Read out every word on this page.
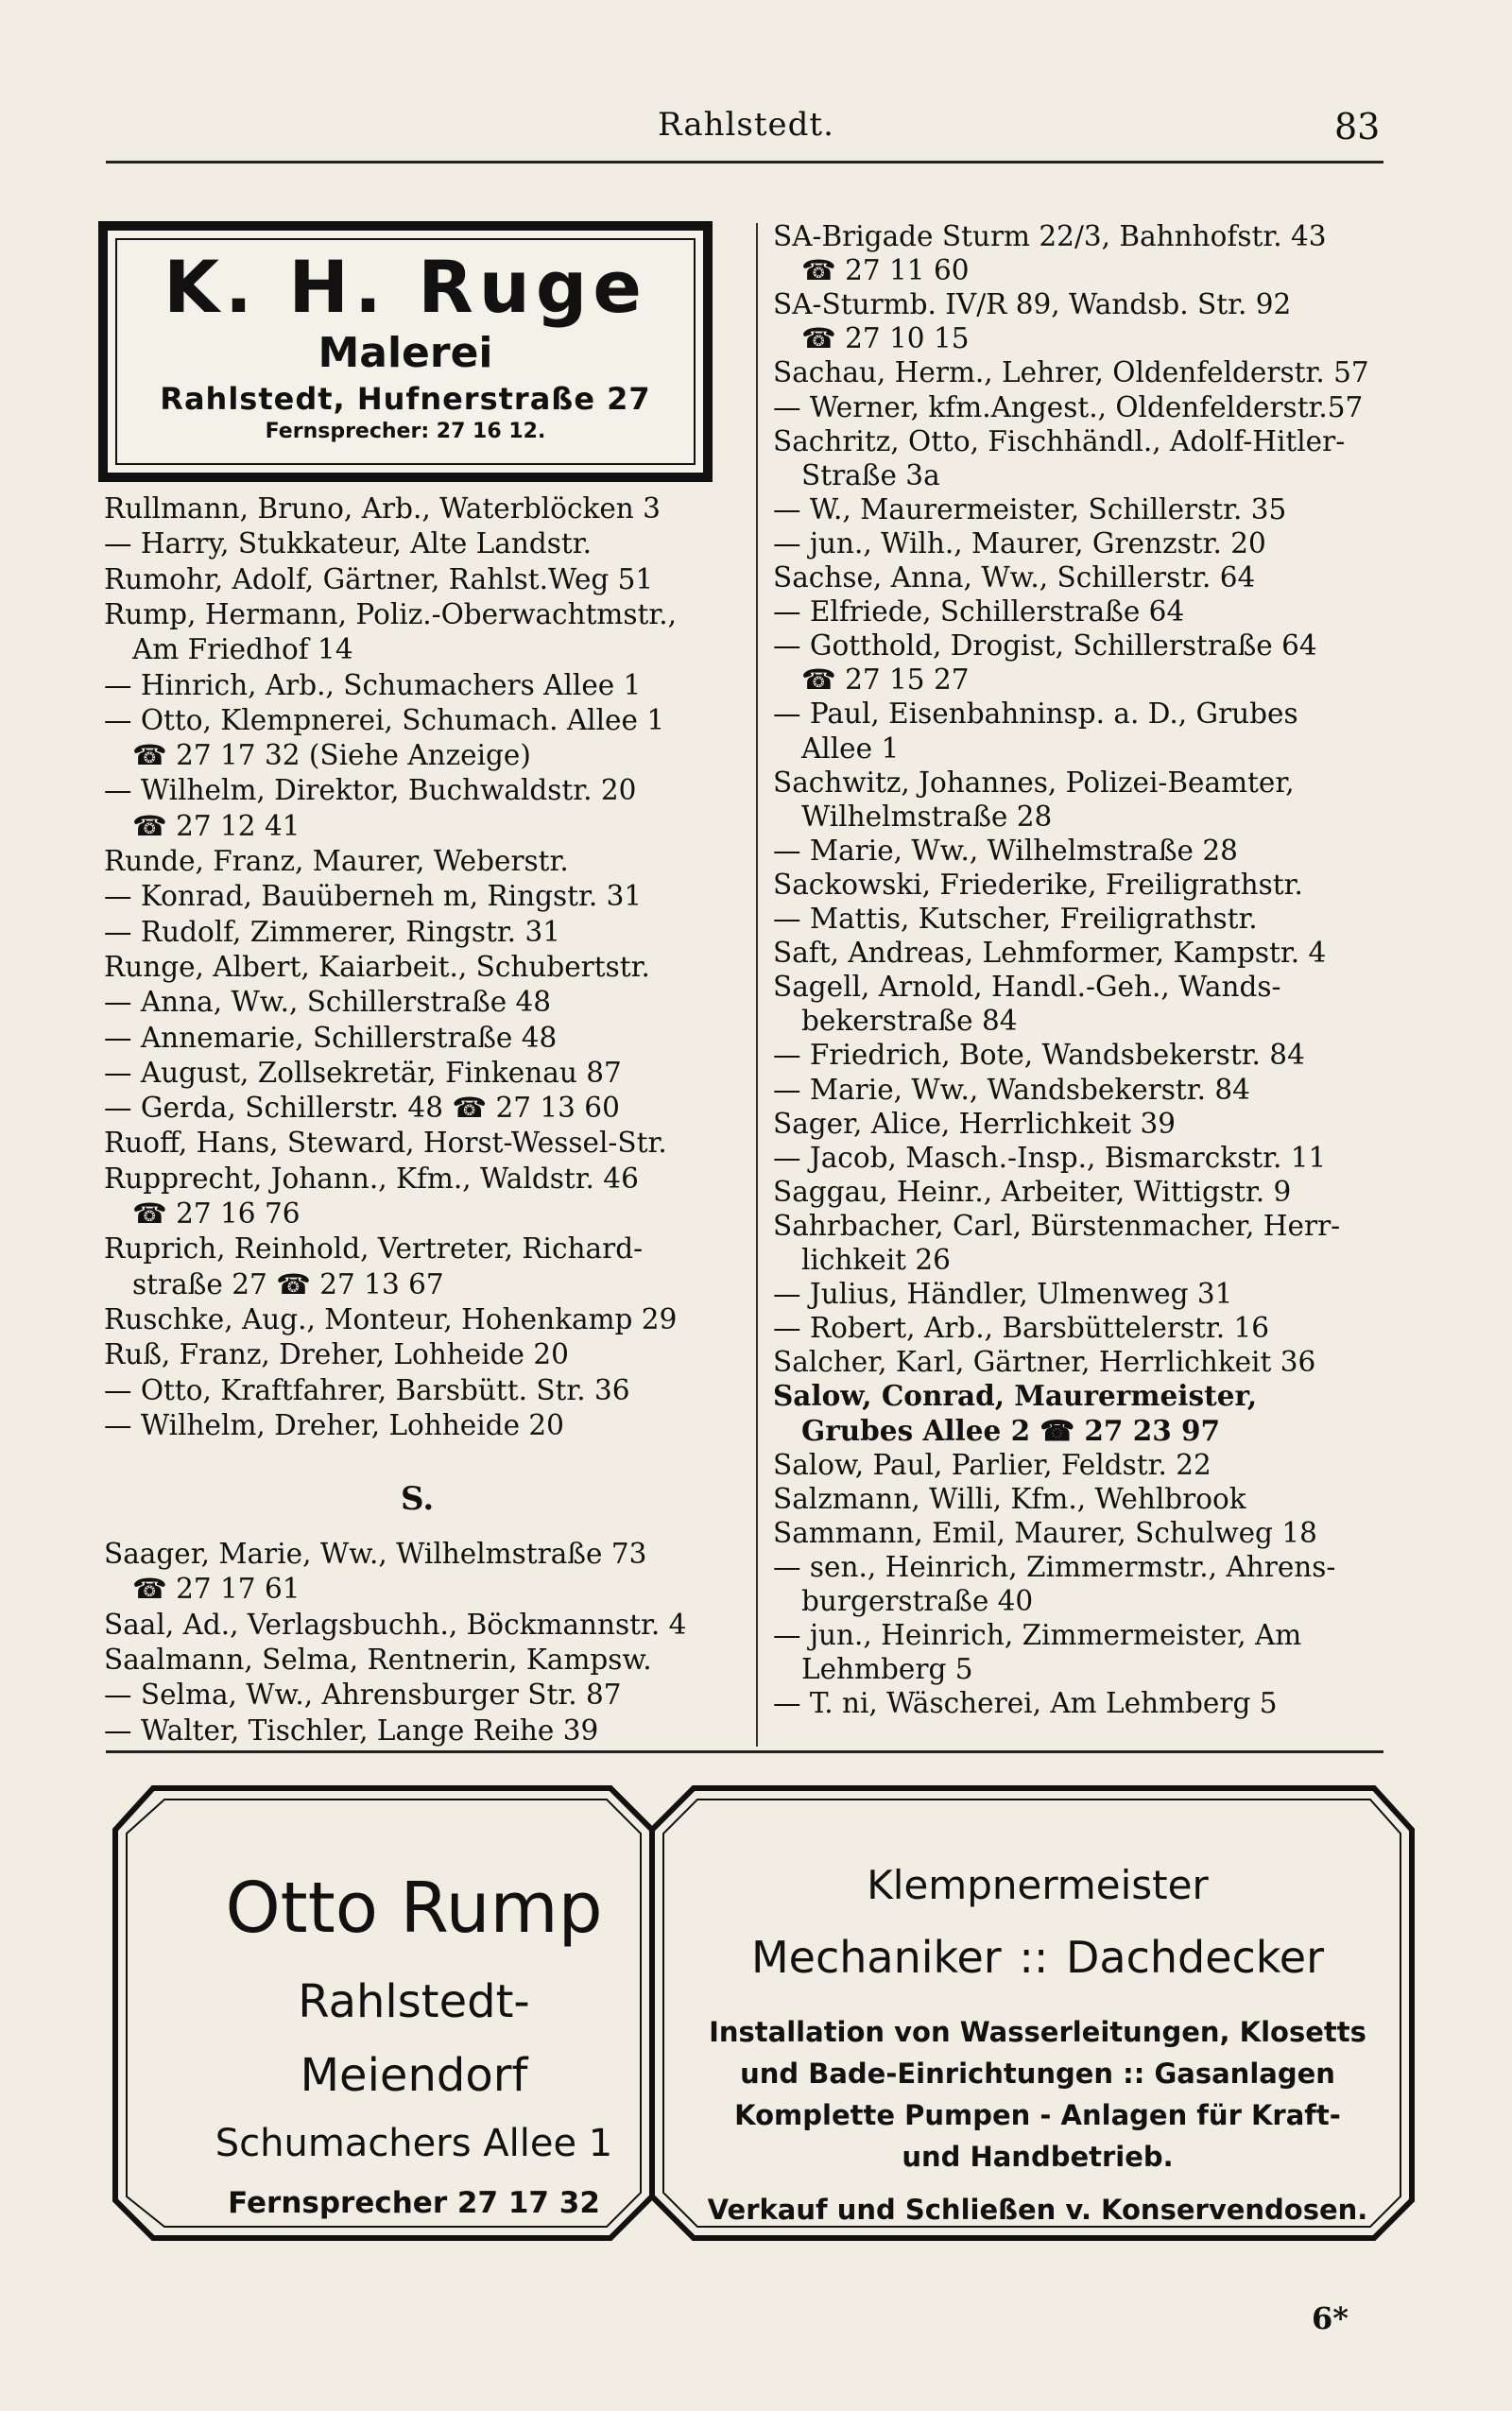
Rahlstedt.	83
K. H. Ruge
Malerei
Rahlstedt, Hufnerstraße 27
Fernsprecher: 27 16 12.
Rullmann, Bruno, Arb., Waterblöcken 3
— Harry, Stukkateur, Alte Landstr.
Rumohr, Adolf, Gärtner, Rahlst.Weg 51
Rump, Hermann, Poliz.-Oberwachtmstr.,
Am Friedhof 14
— Hinrich, Arb., Schumachers Allee 1
— Otto, Klempnerei, Schumach. Allee 1
☎ 27 17 32 (Siehe Anzeige)
— Wilhelm, Direktor, Buchwaldstr. 20
☎ 27 12 41
Runde, Franz, Maurer, Weberstr.
— Konrad, Bauüberneh m, Ringstr. 31
— Rudolf, Zimmerer, Ringstr. 31
Runge, Albert, Kaiarbeit., Schubertstr.
— Anna, Ww., Schillerstraße 48
— Annemarie, Schillerstraße 48
— August, Zollsekretär, Finkenau 87
— Gerda, Schillerstr. 48 ☎ 27 13 60
Ruoff, Hans, Steward, Horst-Wessel-Str.
Rupprecht, Johann., Kfm., Waldstr. 46
☎ 27 16 76
Ruprich, Reinhold, Vertreter, Richard-
straße 27 ☎ 27 13 67
Ruschke, Aug., Monteur, Hohenkamp 29
Ruß, Franz, Dreher, Lohheide 20
— Otto, Kraftfahrer, Barsbütt. Str. 36
— Wilhelm, Dreher, Lohheide 20
S.
Saager, Marie, Ww., Wilhelmstraße 73
☎ 27 17 61
Saal, Ad., Verlagsbuchh., Böckmannstr. 4
Saalmann, Selma, Rentnerin, Kampsw.
— Selma, Ww., Ahrensburger Str. 87
— Walter, Tischler, Lange Reihe 39
SA-Brigade Sturm 22/3, Bahnhofstr. 43
☎ 27 11 60
SA-Sturmb. IV/R 89, Wandsb. Str. 92
☎ 27 10 15
Sachau, Herm., Lehrer, Oldenfelderstr. 57
— Werner, kfm.Angest., Oldenfelderstr.57
Sachritz, Otto, Fischhändl., Adolf-Hitler-
Straße 3a
— W., Maurermeister, Schillerstr. 35
— jun., Wilh., Maurer, Grenzstr. 20
Sachse, Anna, Ww., Schillerstr. 64
— Elfriede, Schillerstraße 64
— Gotthold, Drogist, Schillerstraße 64
☎ 27 15 27
— Paul, Eisenbahninsp. a. D., Grubes
Allee 1
Sachwitz, Johannes, Polizei-Beamter,
Wilhelmstraße 28
— Marie, Ww., Wilhelmstraße 28
Sackowski, Friederike, Freiligrathstr.
— Mattis, Kutscher, Freiligrathstr.
Saft, Andreas, Lehmformer, Kampstr. 4
Sagell, Arnold, Handl.-Geh., Wands-
bekerstraße 84
— Friedrich, Bote, Wandsbekerstr. 84
— Marie, Ww., Wandsbekerstr. 84
Sager, Alice, Herrlichkeit 39
— Jacob, Masch.-Insp., Bismarckstr. 11
Saggau, Heinr., Arbeiter, Wittigstr. 9
Sahrbacher, Carl, Bürstenmacher, Herr-
lichkeit 26
— Julius, Händler, Ulmenweg 31
— Robert, Arb., Barsbüttelerstr. 16
Salcher, Karl, Gärtner, Herrlichkeit 36
Salow, Conrad, Maurermeister,
Grubes Allee 2 ☎ 27 23 97
Salow, Paul, Parlier, Feldstr. 22
Salzmann, Willi, Kfm., Wehlbrook
Sammann, Emil, Maurer, Schulweg 18
— sen., Heinrich, Zimmermstr., Ahrens-
burgerstraße 40
— jun., Heinrich, Zimmermeister, Am
Lehmberg 5
— T. ni, Wäscherei, Am Lehmberg 5
Otto Rump
Rahlstedt-
Meiendorf
Schumachers Allee 1
Fernsprecher 27 17 32
Klempnermeister
Mechaniker :: Dachdecker
Installation von Wasserleitungen, Klosetts
und Bade-Einrichtungen :: Gasanlagen
Komplette Pumpen - Anlagen für Kraft-
und Handbetrieb.
Verkauf und Schließen v. Konservendosen.
6*
